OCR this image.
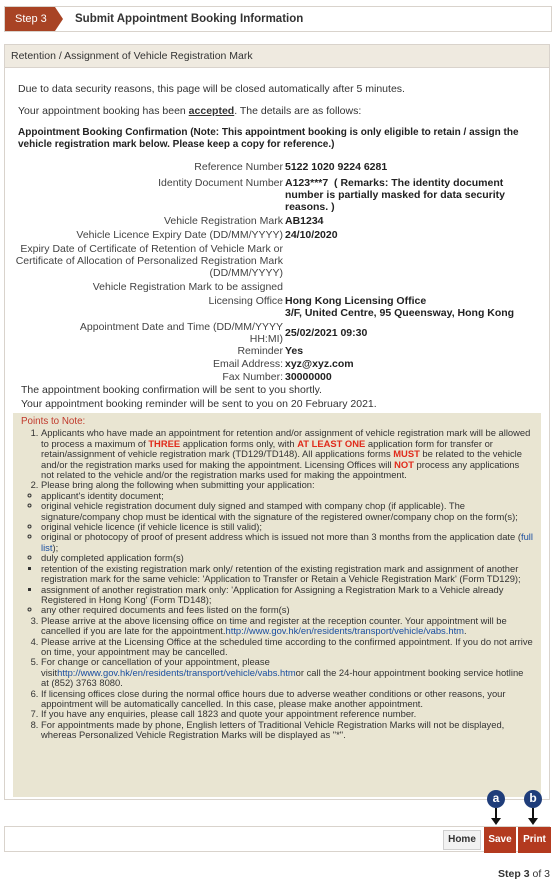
Step 3	Submit Appointment Booking Information
Retention / Assignment of Vehicle Registration Mark
Due to data security reasons, this page will be closed automatically after 5 minutes.
Your appointment booking has been accepted. The details are as follows:
Appointment Booking Confirmation (Note: This appointment booking is only eligible to retain / assign the vehicle registration mark below. Please keep a copy for reference.)
Reference Number 5122 1020 9224 6281
Identity Document Number A123***7 ( Remarks: The identity document number is partially masked for data security reasons. )
Vehicle Registration Mark AB1234
Vehicle Licence Expiry Date (DD/MM/YYYY) 24/10/2020
Expiry Date of Certificate of Retention of Vehicle Mark or Certificate of Allocation of Personalized Registration Mark (DD/MM/YYYY)
Vehicle Registration Mark to be assigned
Licensing Office Hong Kong Licensing Office
3/F, United Centre, 95 Queensway, Hong Kong
Appointment Date and Time (DD/MM/YYYY HH:MI) 25/02/2021 09:30
Reminder Yes
Email Address: xyz@xyz.com
Fax Number: 30000000
The appointment booking confirmation will be sent to you shortly.
Your appointment booking reminder will be sent to you on 20 February 2021.
Points to Note:
1. Applicants who have made an appointment for retention and/or assignment of vehicle registration mark will be allowed to process a maximum of THREE application forms only, with AT LEAST ONE application form for transfer or retain/assignment of vehicle registration mark (TD129/TD148). All applications forms MUST be related to the vehicle and/or the registration marks used for making the appointment. Licensing Offices will NOT process any applications not related to the vehicle and/or the registration marks used for making the appointment.
2. Please bring along the following when submitting your application:
◦ applicant's identity document;
◦ original vehicle registration document duly signed and stamped with company chop (if applicable). The signature/company chop must be identical with the signature of the registered owner/company chop on the form(s);
◦ original vehicle licence (if vehicle licence is still valid);
◦ original or photocopy of proof of present address which is issued not more than 3 months from the application date (full list);
◦ duly completed application form(s)
▪ retention of the existing registration mark only/ retention of the existing registration mark and assignment of another registration mark for the same vehicle: 'Application to Transfer or Retain a Vehicle Registration Mark' (Form TD129);
▪ assignment of another registration mark only: 'Application for Assigning a Registration Mark to a Vehicle already Registered in Hong Kong' (Form TD148);
◦ any other required documents and fees listed on the form(s)
3. Please arrive at the above licensing office on time and register at the reception counter. Your appointment will be cancelled if you are late for the appointment.http://www.gov.hk/en/residents/transport/vehicle/vabs.htm.
4. Please arrive at the Licensing Office at the scheduled time according to the confirmed appointment. If you do not arrive on time, your appointment may be cancelled.
5. For change or cancellation of your appointment, please visithttp://www.gov.hk/en/residents/transport/vehicle/vabs.htmor call the 24-hour appointment booking service hotline at (852) 3763 8080.
6. If licensing offices close during the normal office hours due to adverse weather conditions or other reasons, your appointment will be automatically cancelled. In this case, please make another appointment.
7. If you have any enquiries, please call 1823 and quote your appointment reference number.
8. For appointments made by phone, English letters of Traditional Vehicle Registration Marks will not be displayed, whereas Personalized Vehicle Registration Marks will be displayed as "*".
a	b
Home	Save	Print
Step 3 of 3
